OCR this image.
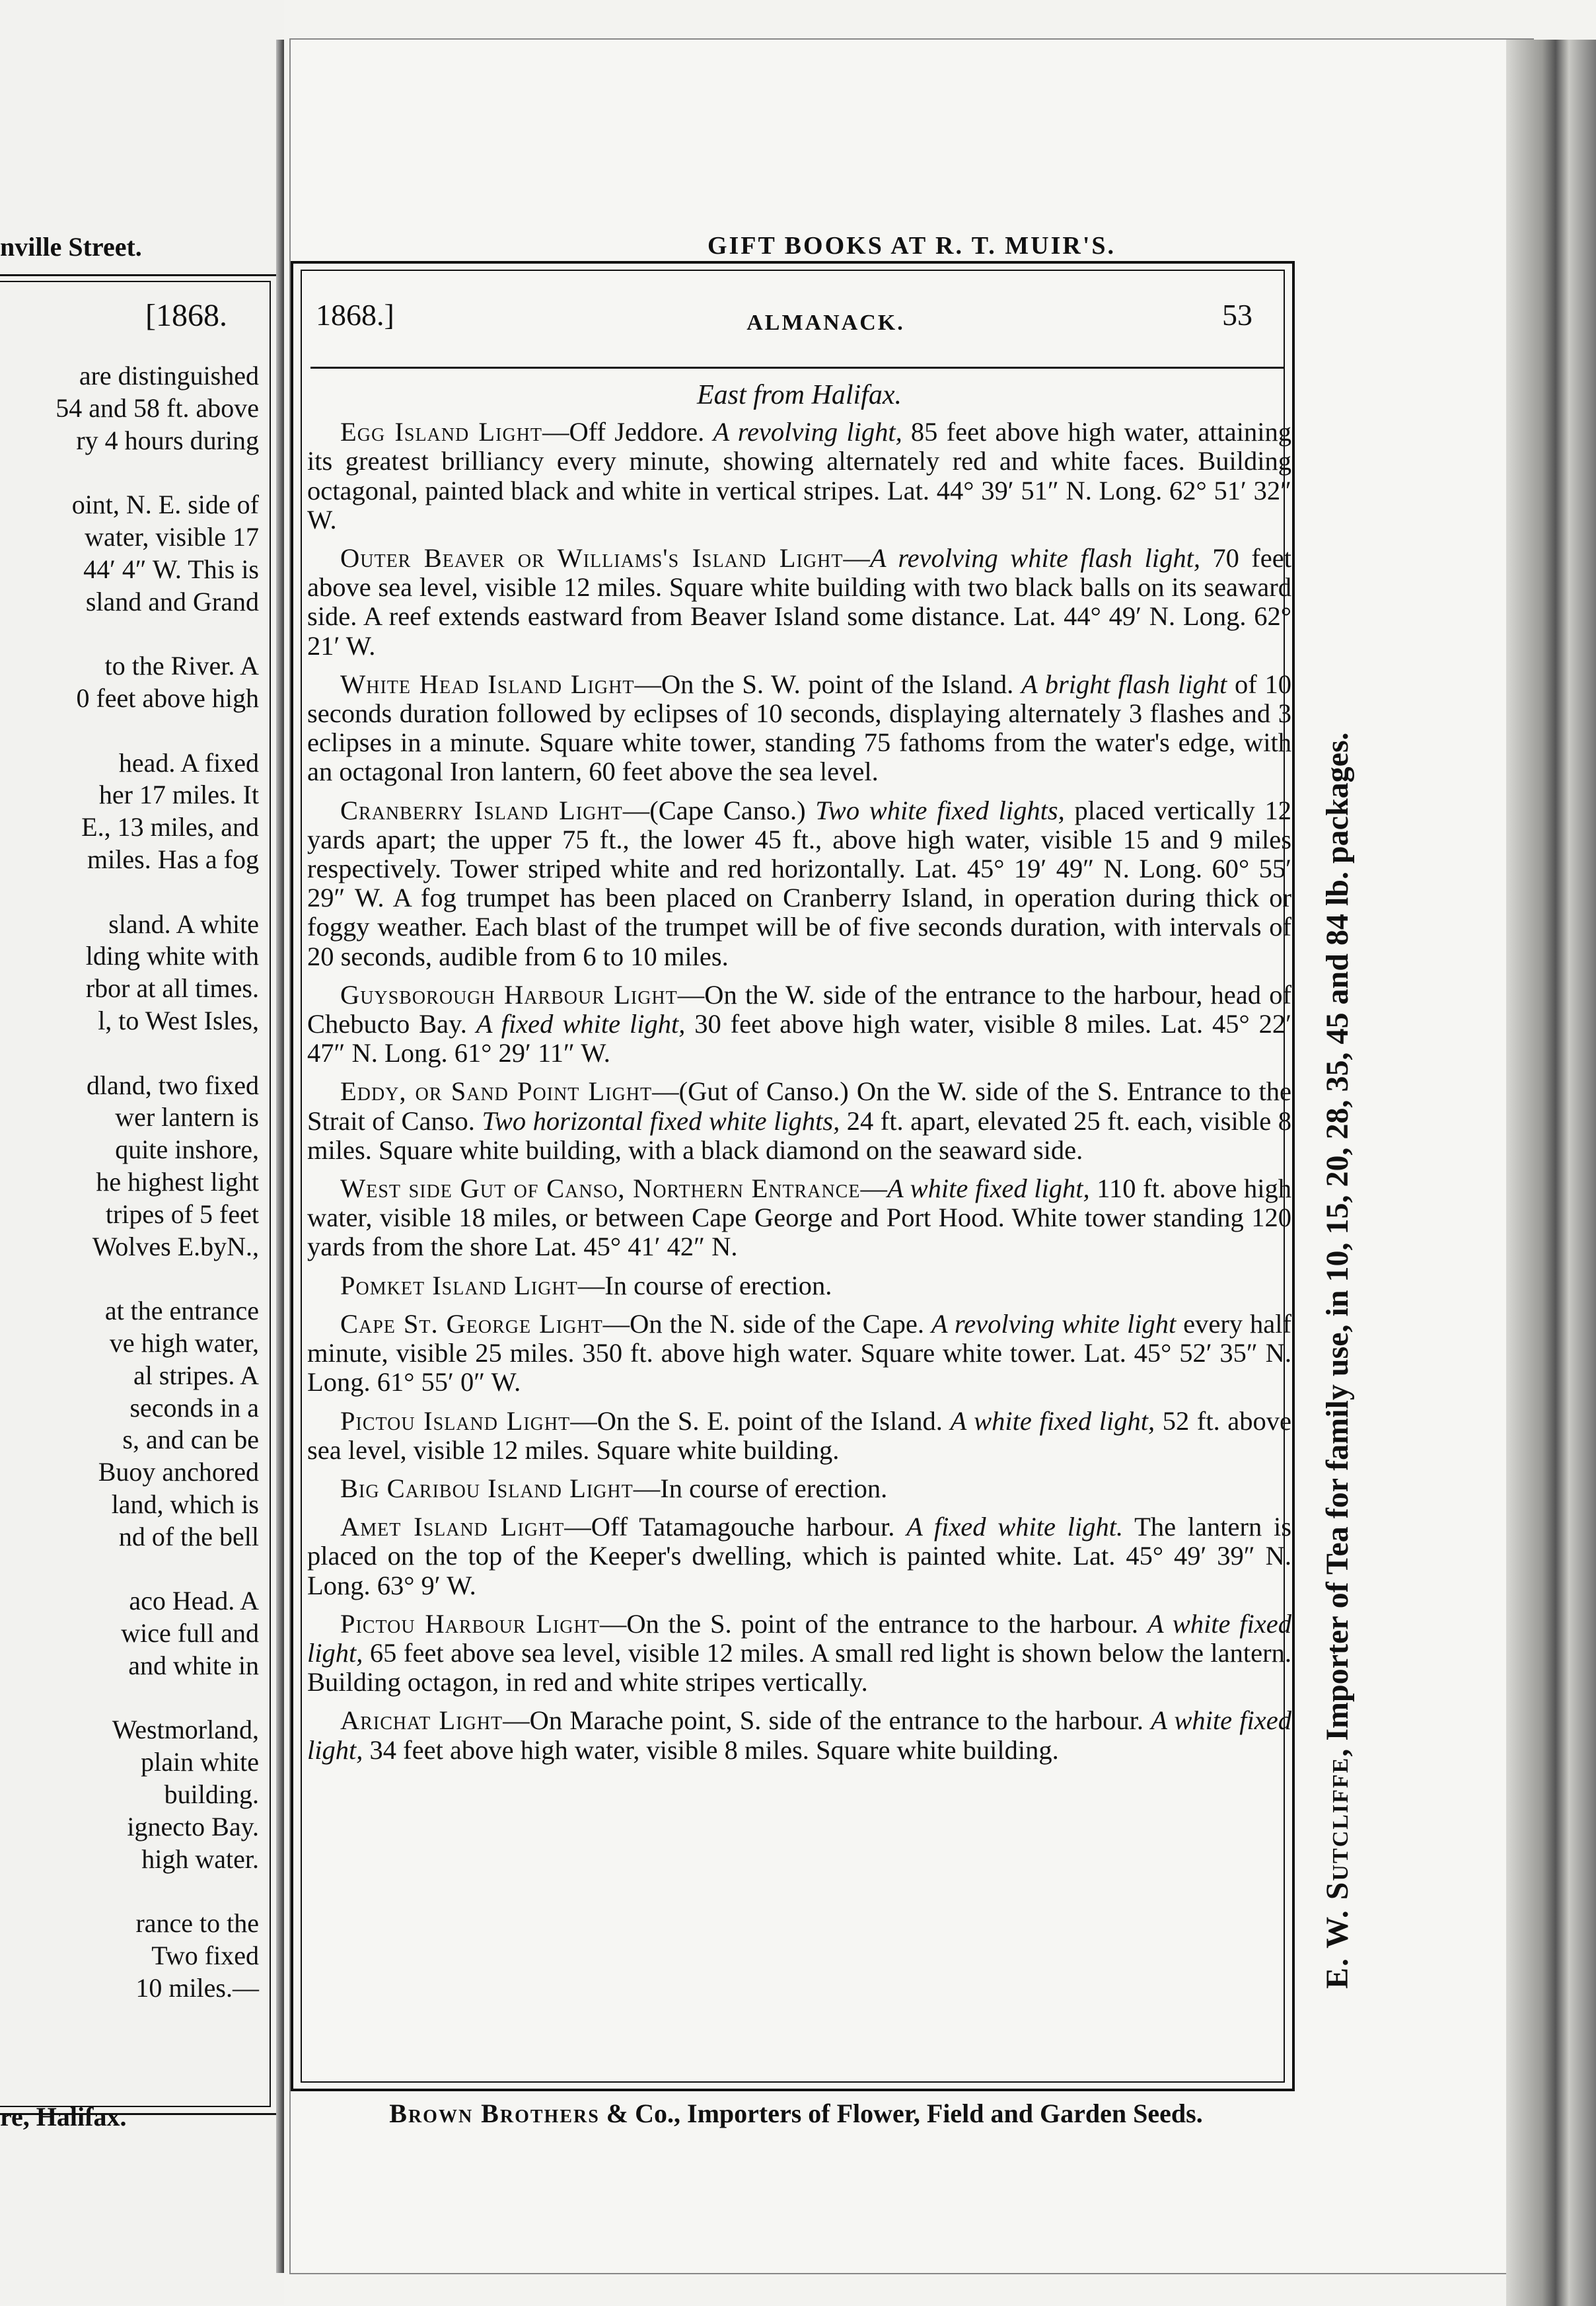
nville Street.
[1868.
are distinguished
54 and 58 ft. above
ry 4 hours during
oint, N. E. side of
water, visible 17
44′ 4″ W. This is
sland and Grand
to the River. A
0 feet above high
head. A fixed
her 17 miles. It
E., 13 miles, and
miles. Has a fog
sland. A white
lding white with
rbor at all times.
l, to West Isles,
dland, two fixed
wer lantern is
quite inshore,
he highest light
tripes of 5 feet
Wolves E.byN.,
at the entrance
ve high water,
al stripes. A
seconds in a
s, and can be
Buoy anchored
land, which is
nd of the bell
aco Head. A
wice full and
and white in
Westmorland,
plain white
building.
ignecto Bay.
high water.
rance to the
Two fixed
10 miles.—
re, Halifax.
GIFT BOOKS AT R. T. MUIR'S.
1868.]	ALMANACK.	53
East from Halifax.
Egg Island Light—Off Jeddore. A revolving light, 85 feet above high water, attaining its greatest brilliancy every minute, showing alternately red and white faces. Building octagonal, painted black and white in vertical stripes. Lat. 44° 39′ 51″ N. Long. 62° 51′ 32″ W.
Outer Beaver or Williams's Island Light—A revolving white flash light, 70 feet above sea level, visible 12 miles. Square white building with two black balls on its seaward side. A reef extends eastward from Beaver Island some distance. Lat. 44° 49′ N. Long. 62° 21′ W.
White Head Island Light—On the S. W. point of the Island. A bright flash light of 10 seconds duration followed by eclipses of 10 seconds, displaying alternately 3 flashes and 3 eclipses in a minute. Square white tower, standing 75 fathoms from the water's edge, with an octagonal Iron lantern, 60 feet above the sea level.
Cranberry Island Light—(Cape Canso.) Two white fixed lights, placed vertically 12 yards apart; the upper 75 ft., the lower 45 ft., above high water, visible 15 and 9 miles respectively. Tower striped white and red horizontally. Lat. 45° 19′ 49″ N. Long. 60° 55′ 29″ W. A fog trumpet has been placed on Cranberry Island, in operation during thick or foggy weather. Each blast of the trumpet will be of five seconds duration, with intervals of 20 seconds, audible from 6 to 10 miles.
Guysborough Harbour Light—On the W. side of the entrance to the harbour, head of Chebucto Bay. A fixed white light, 30 feet above high water, visible 8 miles. Lat. 45° 22′ 47″ N. Long. 61° 29′ 11″ W.
Eddy, or Sand Point Light—(Gut of Canso.) On the W. side of the S. Entrance to the Strait of Canso. Two horizontal fixed white lights, 24 ft. apart, elevated 25 ft. each, visible 8 miles. Square white building, with a black diamond on the seaward side.
West side Gut of Canso, Northern Entrance—A white fixed light, 110 ft. above high water, visible 18 miles, or between Cape George and Port Hood. White tower standing 120 yards from the shore Lat. 45° 41′ 42″ N.
Pomket Island Light—In course of erection.
Cape St. George Light—On the N. side of the Cape. A revolving white light every half minute, visible 25 miles. 350 ft. above high water. Square white tower. Lat. 45° 52′ 35″ N. Long. 61° 55′ 0″ W.
Pictou Island Light—On the S. E. point of the Island. A white fixed light, 52 ft. above sea level, visible 12 miles. Square white building.
Big Caribou Island Light—In course of erection.
Amet Island Light—Off Tatamagouche harbour. A fixed white light. The lantern is placed on the top of the Keeper's dwelling, which is painted white. Lat. 45° 49′ 39″ N. Long. 63° 9′ W.
Pictou Harbour Light—On the S. point of the entrance to the harbour. A white fixed light, 65 feet above sea level, visible 12 miles. A small red light is shown below the lantern. Building octagon, in red and white stripes vertically.
Arichat Light—On Marache point, S. side of the entrance to the harbour. A white fixed light, 34 feet above high water, visible 8 miles. Square white building.
Brown Brothers & Co., Importers of Flower, Field and Garden Seeds.
E. W. Sutcliffe, Importer of Tea for family use, in 10, 15, 20, 28, 35, 45 and 84 lb. packages.
